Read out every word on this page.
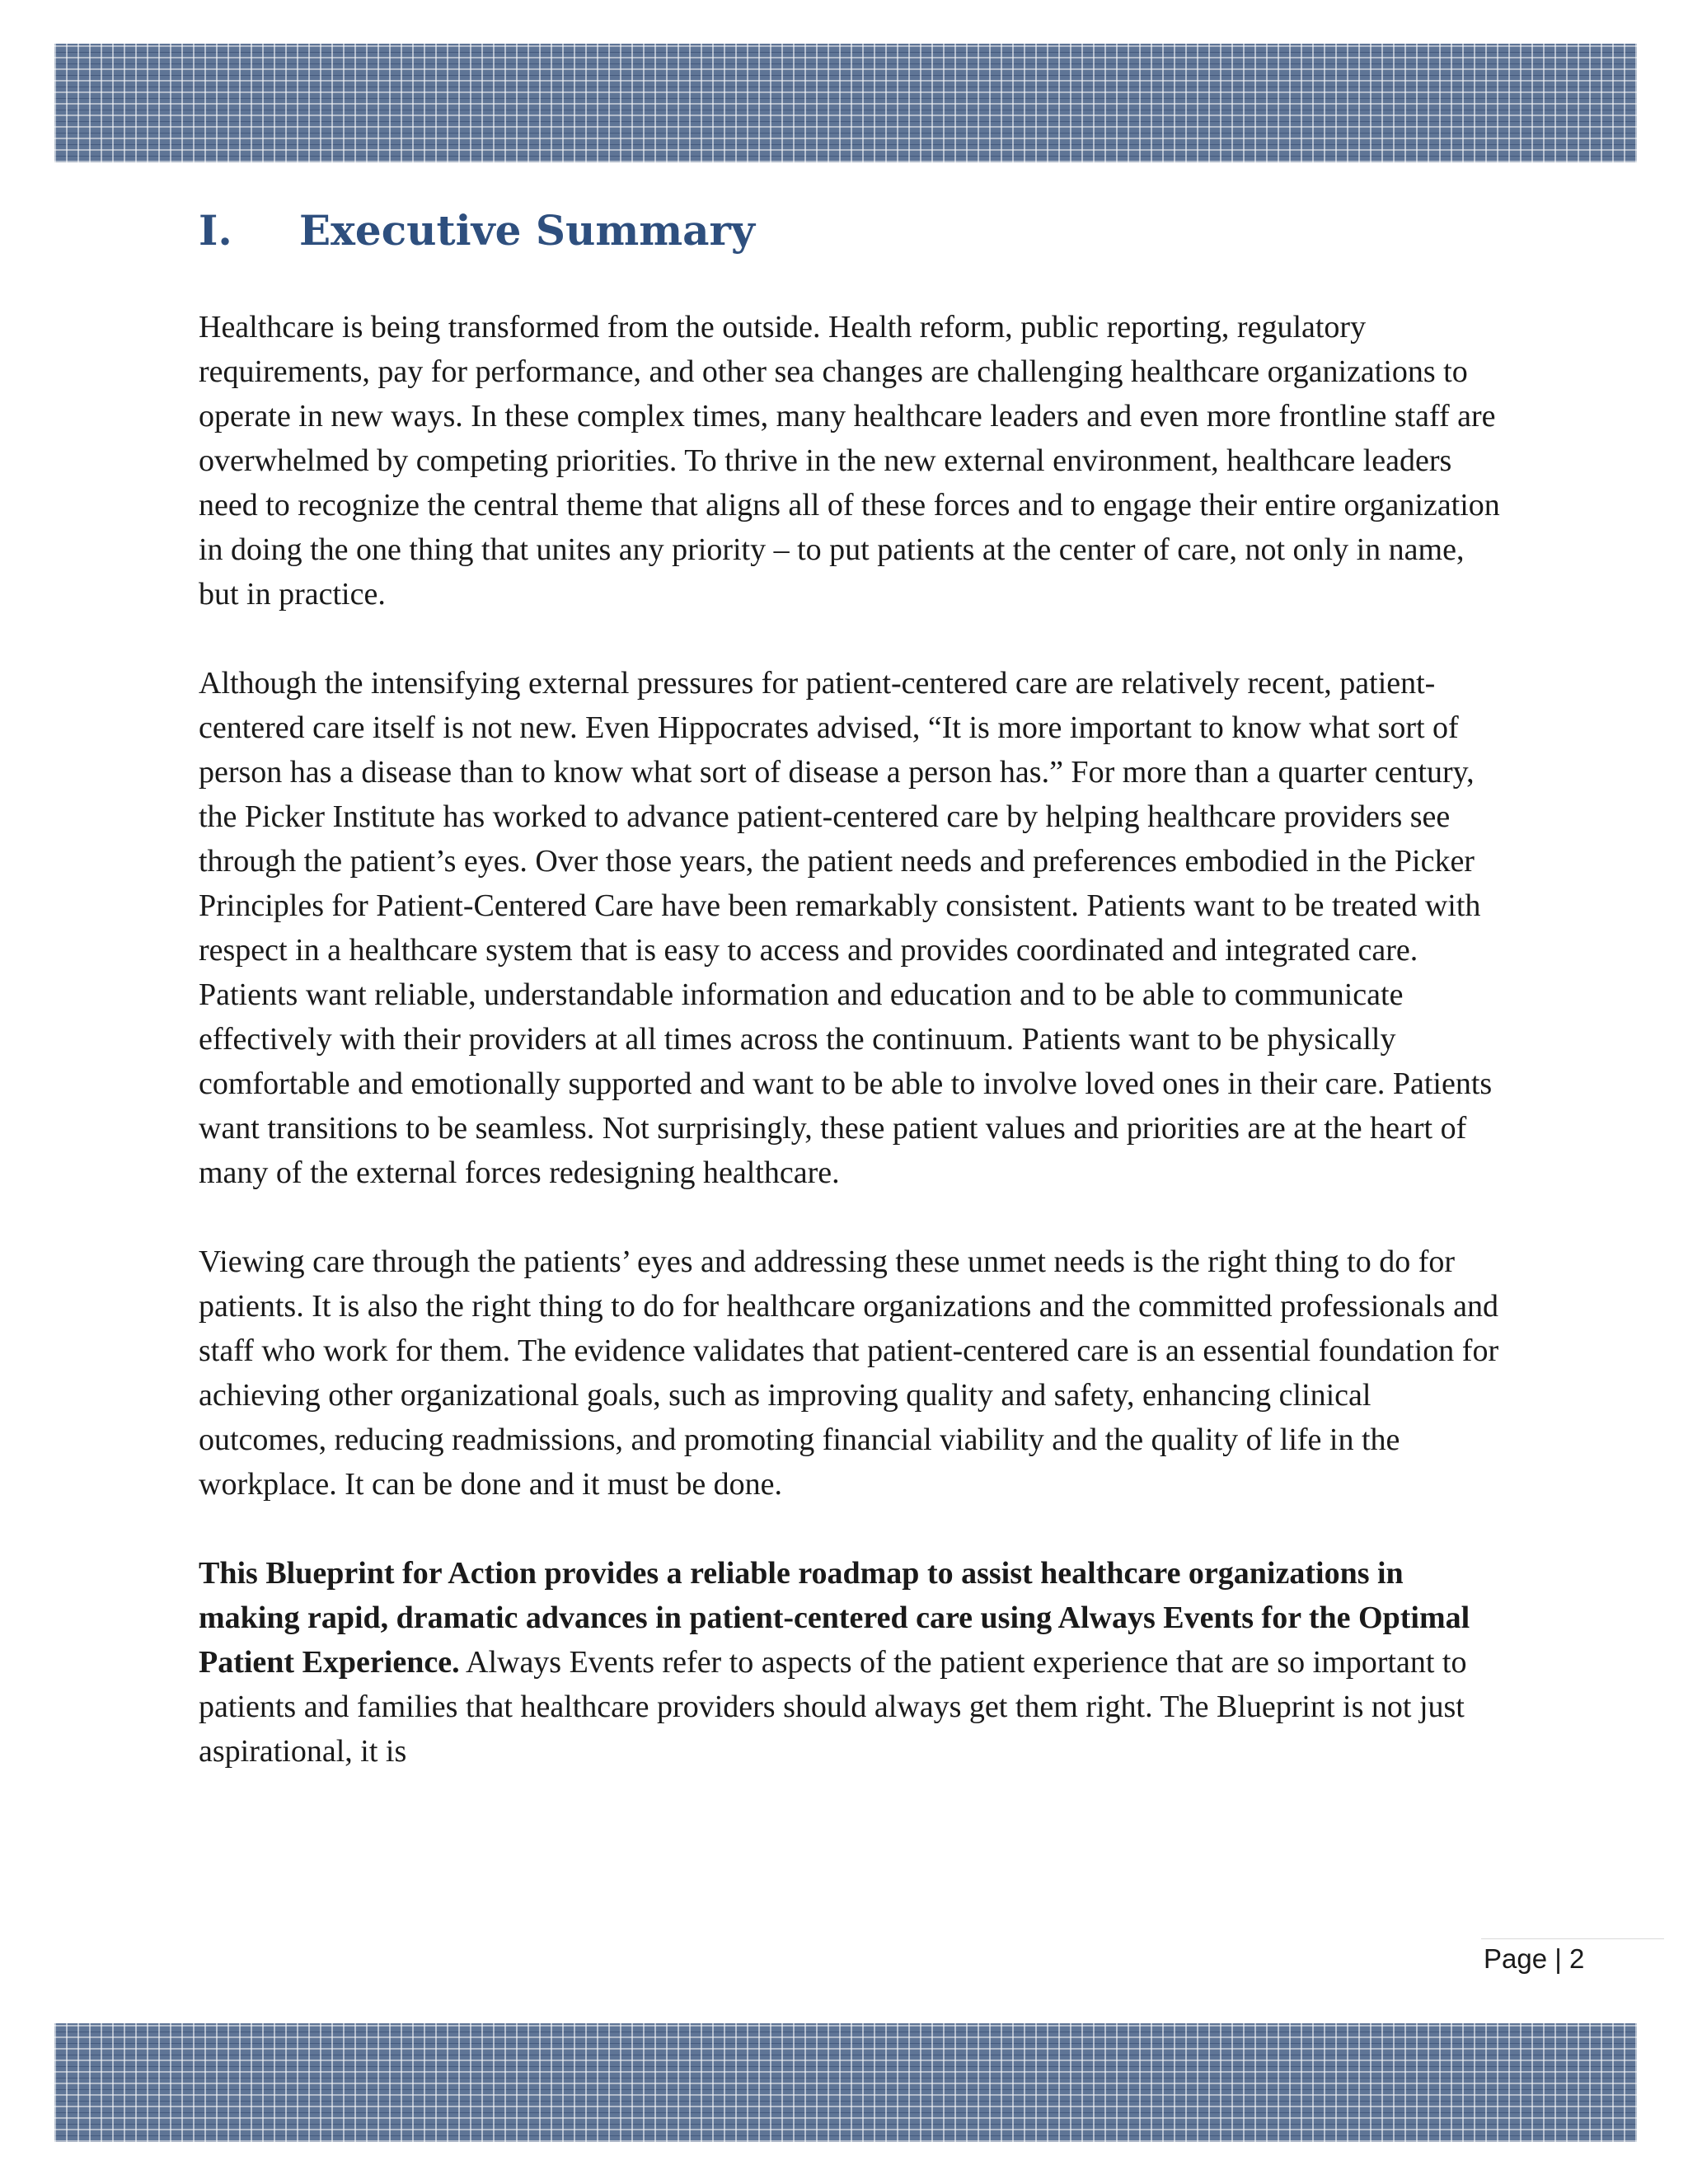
I.	Executive Summary

Healthcare is being transformed from the outside. Health reform, public reporting, regulatory requirements, pay for performance, and other sea changes are challenging healthcare organizations to operate in new ways. In these complex times, many healthcare leaders and even more frontline staff are overwhelmed by competing priorities. To thrive in the new external environment, healthcare leaders need to recognize the central theme that aligns all of these forces and to engage their entire organization in doing the one thing that unites any priority – to put patients at the center of care, not only in name, but in practice.

Although the intensifying external pressures for patient-centered care are relatively recent, patient-centered care itself is not new. Even Hippocrates advised, “It is more important to know what sort of person has a disease than to know what sort of disease a person has.” For more than a quarter century, the Picker Institute has worked to advance patient-centered care by helping healthcare providers see through the patient’s eyes. Over those years, the patient needs and preferences embodied in the Picker Principles for Patient-Centered Care have been remarkably consistent. Patients want to be treated with respect in a healthcare system that is easy to access and provides coordinated and integrated care. Patients want reliable, understandable information and education and to be able to communicate effectively with their providers at all times across the continuum. Patients want to be physically comfortable and emotionally supported and want to be able to involve loved ones in their care. Patients want transitions to be seamless. Not surprisingly, these patient values and priorities are at the heart of many of the external forces redesigning healthcare.

Viewing care through the patients’ eyes and addressing these unmet needs is the right thing to do for patients. It is also the right thing to do for healthcare organizations and the committed professionals and staff who work for them. The evidence validates that patient-centered care is an essential foundation for achieving other organizational goals, such as improving quality and safety, enhancing clinical outcomes, reducing readmissions, and promoting financial viability and the quality of life in the workplace. It can be done and it must be done.

This Blueprint for Action provides a reliable roadmap to assist healthcare organizations in making rapid, dramatic advances in patient-centered care using Always Events for the Optimal Patient Experience. Always Events refer to aspects of the patient experience that are so important to patients and families that healthcare providers should always get them right. The Blueprint is not just aspirational, it is

Page | 2
